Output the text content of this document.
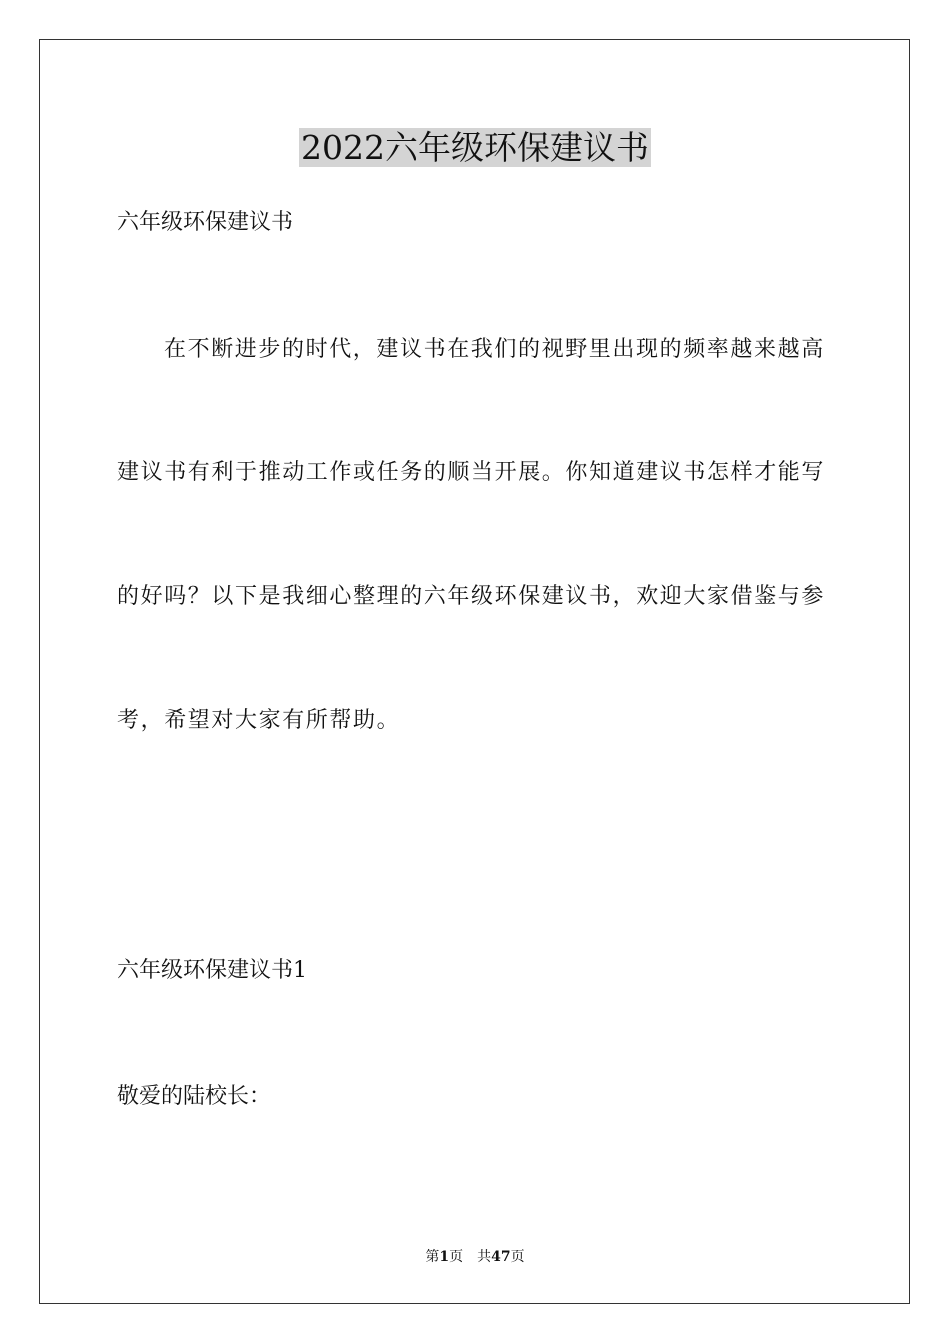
2022六年级环保建议书
六年级环保建议书
在不断进步的时代，建议书在我们的视野里出现的频率越来越高
建议书有利于推动工作或任务的顺当开展。你知道建议书怎样才能写
的好吗？以下是我细心整理的六年级环保建议书，欢迎大家借鉴与参
考，希望对大家有所帮助。
六年级环保建议书1
敬爱的陆校长：
第1页 共47页
